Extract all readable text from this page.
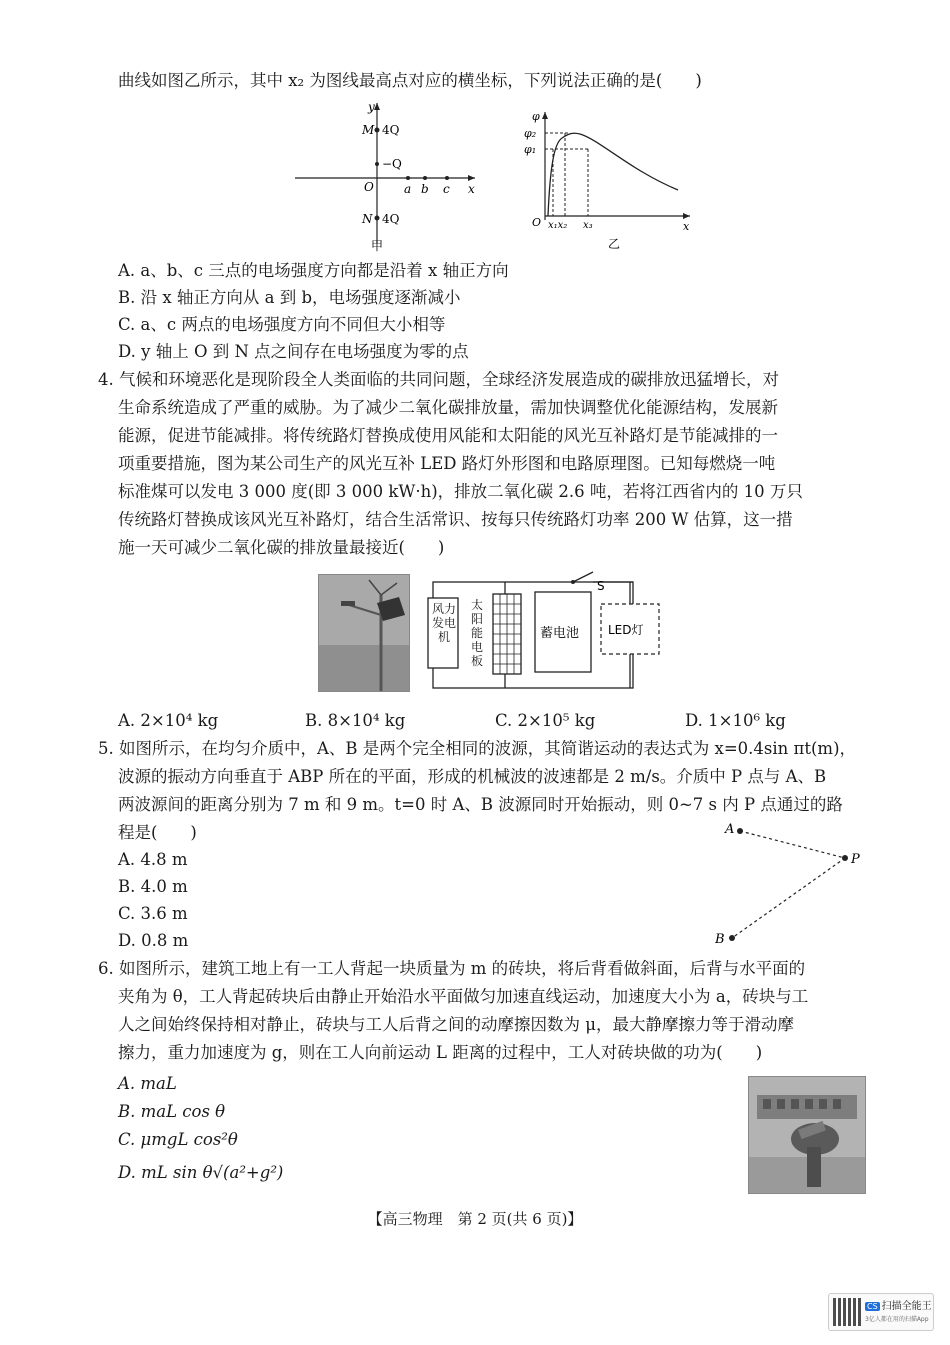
曲线如图乙所示，其中 x₂ 为图线最高点对应的横坐标，下列说法正确的是(　　)
y
x
O
M 4Q
N 4Q
−Q
a b c
甲
φ
φ₂
φ₁
O	x
x₁x₂ x₃
乙
A. a、b、c 三点的电场强度方向都是沿着 x 轴正方向
B. 沿 x 轴正方向从 a 到 b，电场强度逐渐减小
C. a、c 两点的电场强度方向不同但大小相等
D. y 轴上 O 到 N 点之间存在电场强度为零的点
4. 气候和环境恶化是现阶段全人类面临的共同问题，全球经济发展造成的碳排放迅猛增长，对
生命系统造成了严重的威胁。为了减少二氧化碳排放量，需加快调整优化能源结构，发展新
能源，促进节能减排。将传统路灯替换成使用风能和太阳能的风光互补路灯是节能减排的一
项重要措施，图为某公司生产的风光互补 LED 路灯外形图和电路原理图。已知每燃烧一吨
标准煤可以发电 3 000 度(即 3 000 kW·h)，排放二氧化碳 2.6 吨，若将江西省内的 10 万只
传统路灯替换成该风光互补路灯，结合生活常识、按每只传统路灯功率 200 W 估算，这一措
施一天可减少二氧化碳的排放量最接近(　　)
S
蓄电池 LED灯
风力发电机
太阳能电板
A. 2×10⁴ kg	B. 8×10⁴ kg	C. 2×10⁵ kg	D. 1×10⁶ kg
5. 如图所示，在均匀介质中，A、B 是两个完全相同的波源，其简谐运动的表达式为 x=0.4sin πt(m)，
波源的振动方向垂直于 ABP 所在的平面，形成的机械波的波速都是 2 m/s。介质中 P 点与 A、B
两波源间的距离分别为 7 m 和 9 m。t=0 时 A、B 波源同时开始振动，则 0~7 s 内 P 点通过的路
程是(　　)	A
P
B
A. 4.8 m
B. 4.0 m
C. 3.6 m
D. 0.8 m
6. 如图所示，建筑工地上有一工人背起一块质量为 m 的砖块，将后背看做斜面，后背与水平面的
夹角为 θ，工人背起砖块后由静止开始沿水平面做匀加速直线运动，加速度大小为 a，砖块与工
人之间始终保持相对静止，砖块与工人后背之间的动摩擦因数为 μ，最大静摩擦力等于滑动摩
擦力，重力加速度为 g，则在工人向前运动 L 距离的过程中，工人对砖块做的功为(　　)
A. maL
B. maL cos θ
C. μmgL cos²θ
D. mL sin θ√(a²+g²)
【高三物理　第 2 页(共 6 页)】
CS 扫描全能王
3亿人都在用的扫描App
